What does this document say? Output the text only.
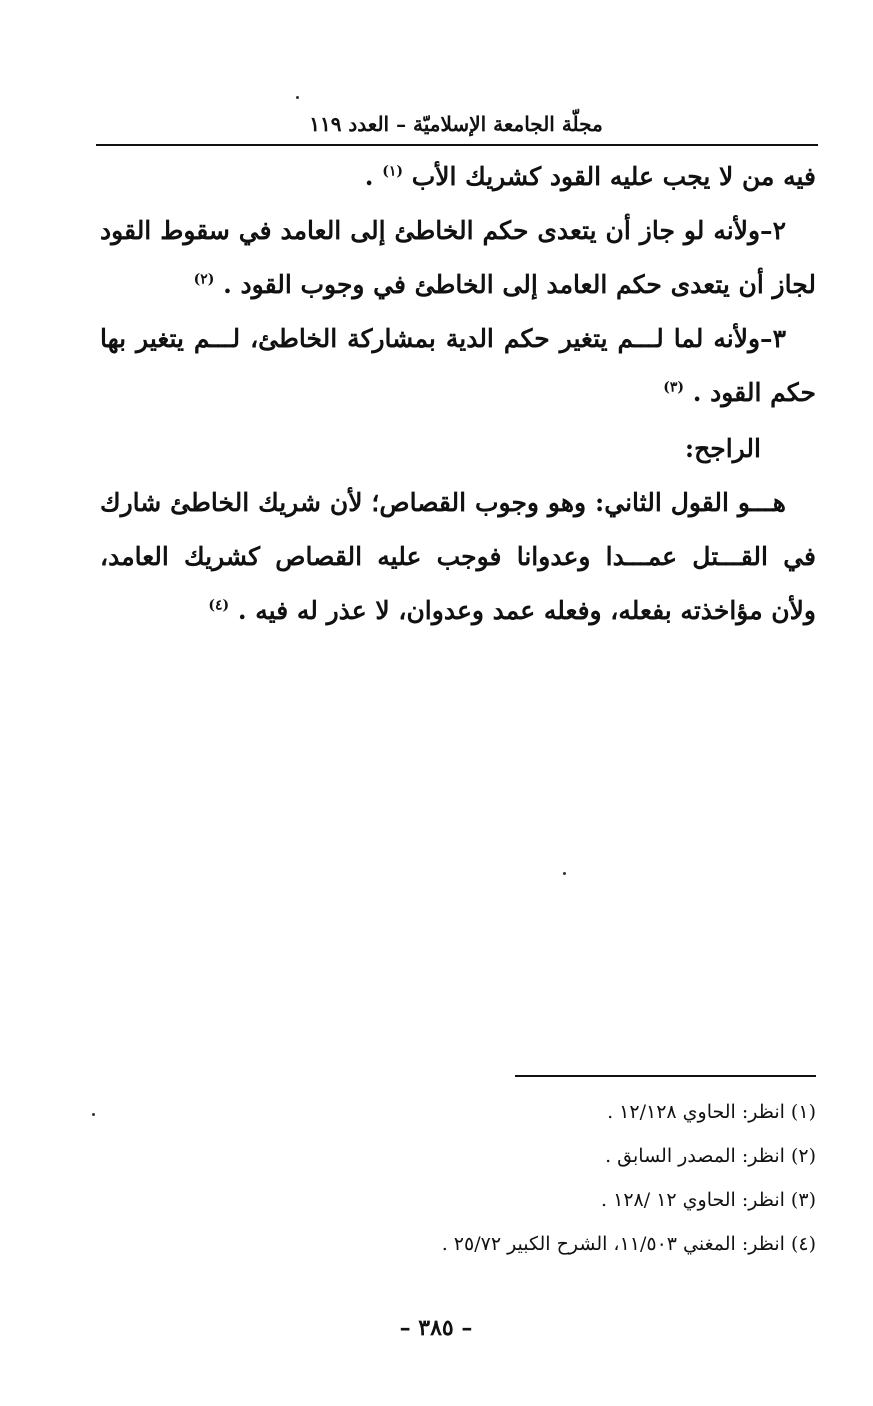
مجلّة الجامعة الإسلاميّة – العدد ١١٩

فيه من لا يجب عليه القود كشريك الأب $^{(١)}$ .

٢–ولأنه لو جاز أن يتعدى حكم الخاطئ إلى العامد في سقوط القود لجاز أن يتعدى حكم العامد إلى الخاطئ في وجوب القود . $^{(٢)}$

٣–ولأنه لما لـــم يتغير حكم الدية بمشاركة الخاطئ، لـــم يتغير بها حكم القود . $^{(٣)}$

الراجح:

هـــو القول الثاني: وهو وجوب القصاص؛ لأن شريك الخاطئ شارك في القـــتل عمـــدا وعدوانا فوجب عليه القصاص كشريك العامد، ولأن مؤاخذته بفعله، وفعله عمد وعدوان، لا عذر له فيه . $^{(٤)}$

(١) انظر: الحاوي ١٢/١٢٨ .

(٢) انظر: المصدر السابق .

(٣) انظر: الحاوي ١٢ /١٢٨ .

(٤) انظر: المغني ١١/٥٠٣، الشرح الكبير ٢٥/٧٢ .

– ٣٨٥ –
